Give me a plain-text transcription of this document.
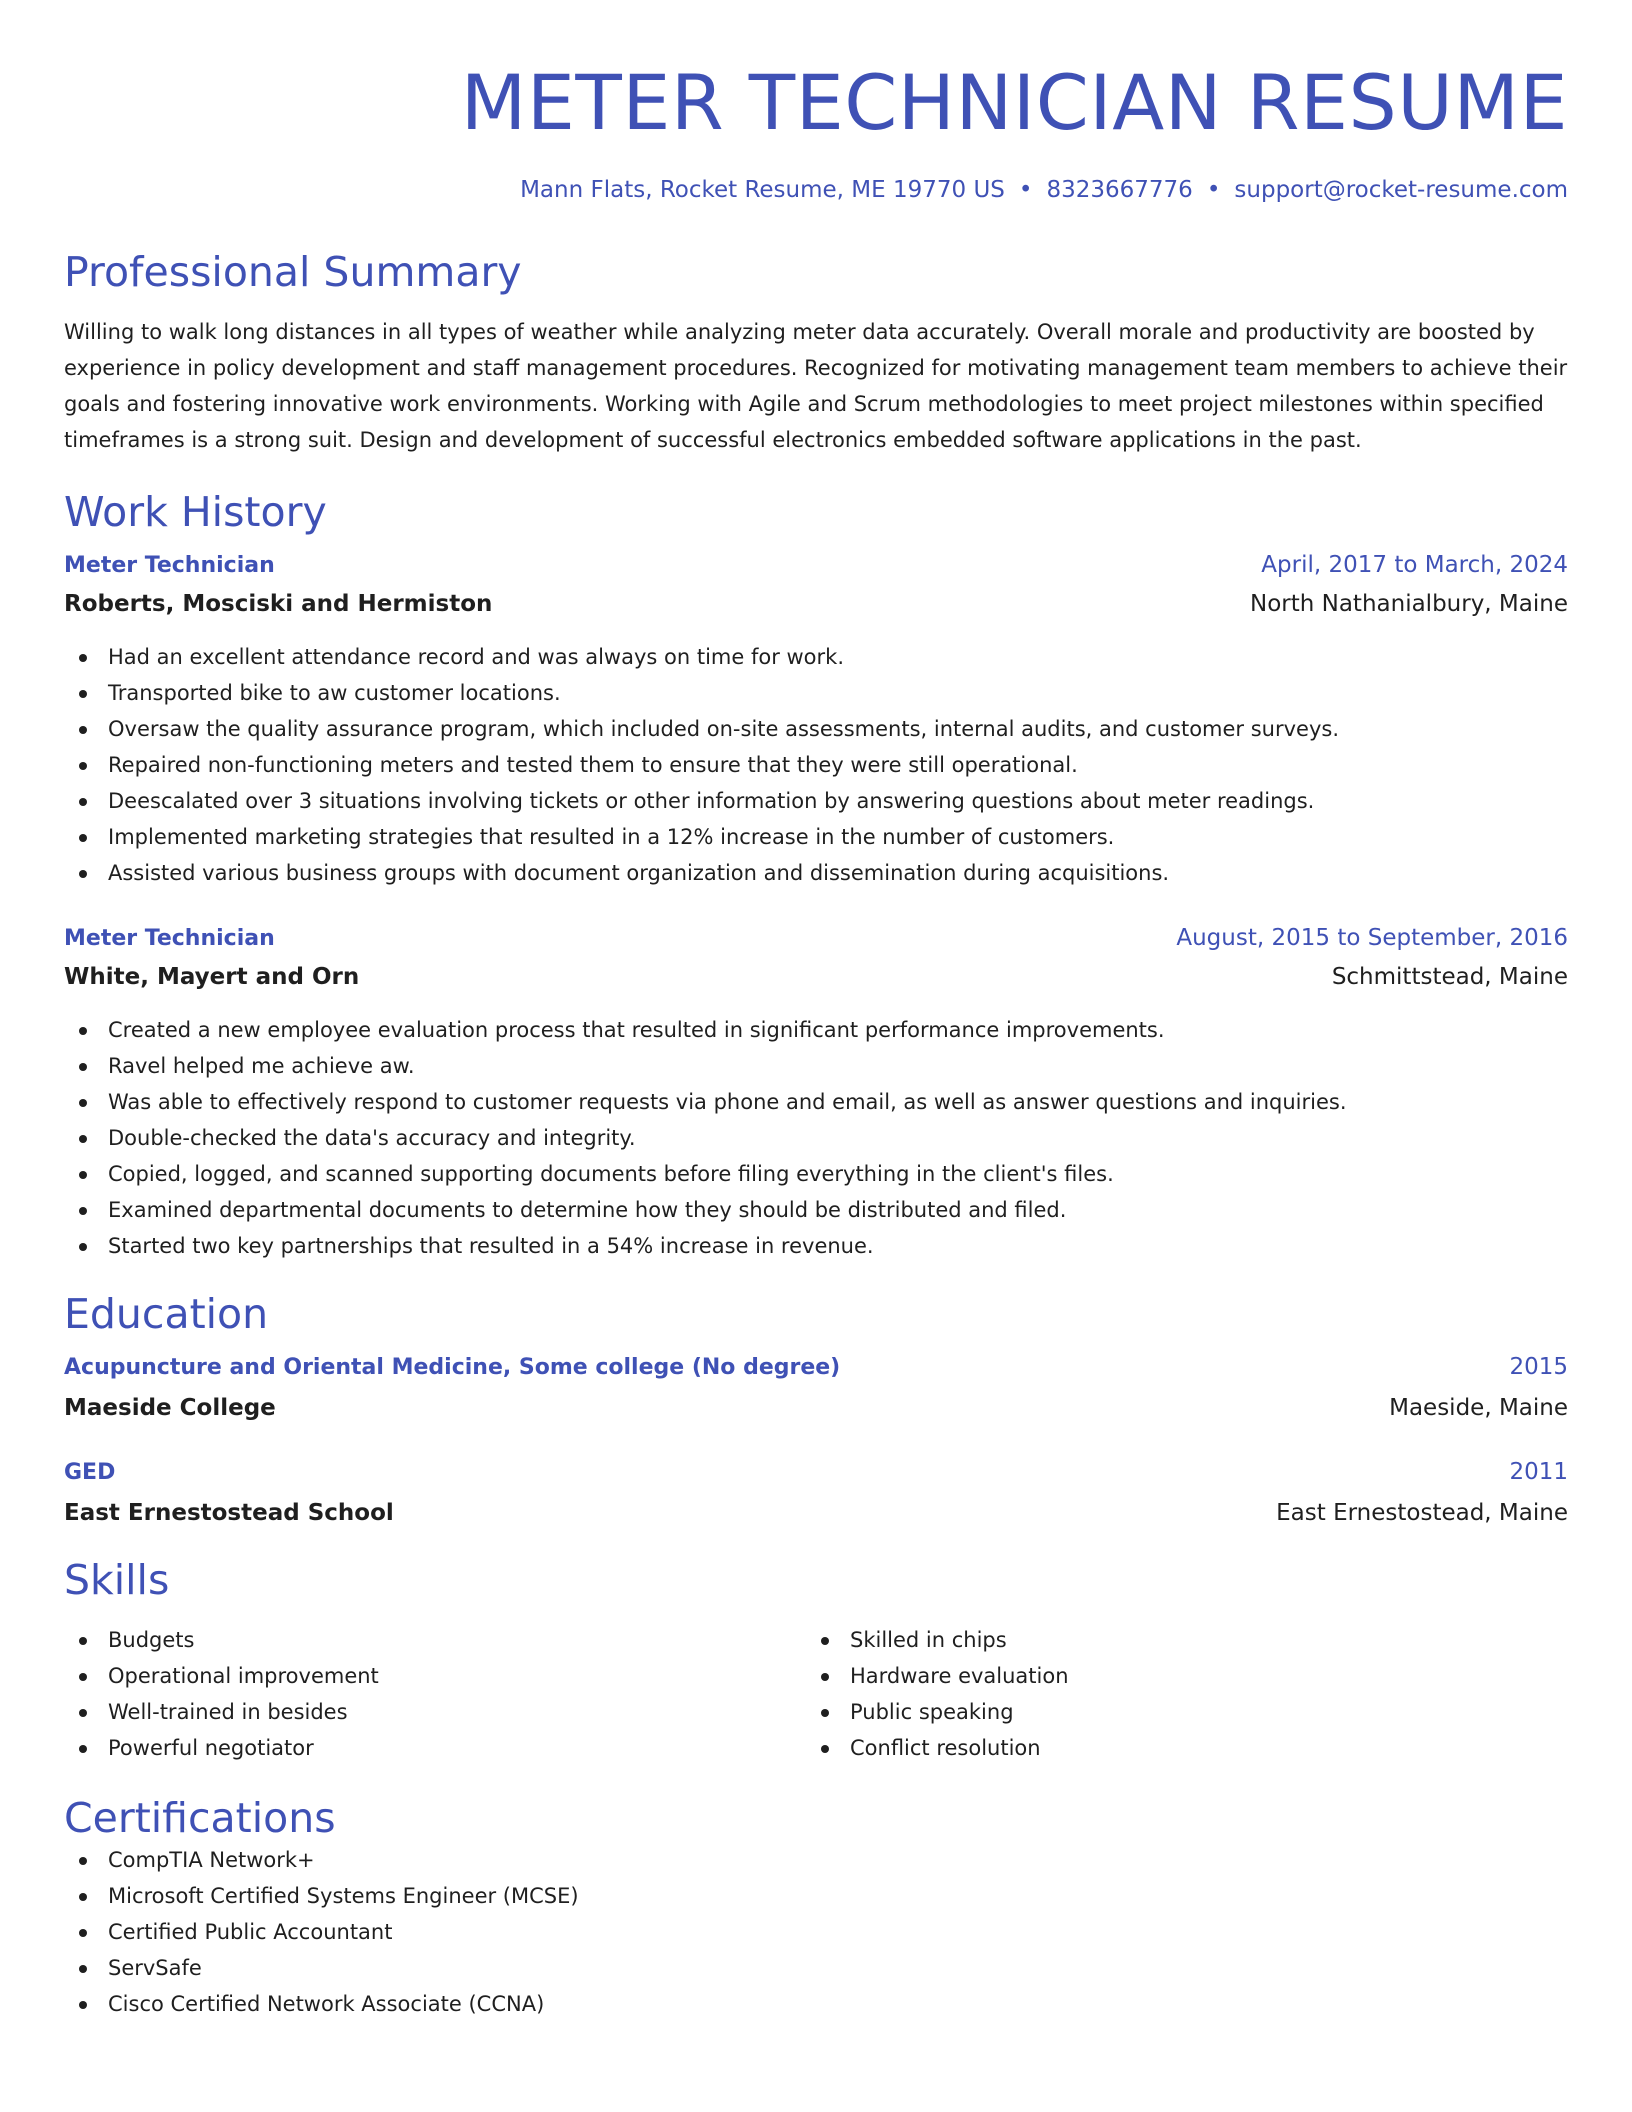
METER TECHNICIAN RESUME
Mann Flats, Rocket Resume, ME 19770 US • 8323667776 • support@rocket-resume.com
Professional Summary
Willing to walk long distances in all types of weather while analyzing meter data accurately. Overall morale and productivity are boosted by experience in policy development and staff management procedures. Recognized for motivating management team members to achieve their goals and fostering innovative work environments. Working with Agile and Scrum methodologies to meet project milestones within specified timeframes is a strong suit. Design and development of successful electronics embedded software applications in the past.
Work History
Meter Technician	April, 2017 to March, 2024
Roberts, Mosciski and Hermiston	North Nathanialbury, Maine
Had an excellent attendance record and was always on time for work.
Transported bike to aw customer locations.
Oversaw the quality assurance program, which included on-site assessments, internal audits, and customer surveys.
Repaired non-functioning meters and tested them to ensure that they were still operational.
Deescalated over 3 situations involving tickets or other information by answering questions about meter readings.
Implemented marketing strategies that resulted in a 12% increase in the number of customers.
Assisted various business groups with document organization and dissemination during acquisitions.
Meter Technician	August, 2015 to September, 2016
White, Mayert and Orn	Schmittstead, Maine
Created a new employee evaluation process that resulted in significant performance improvements.
Ravel helped me achieve aw.
Was able to effectively respond to customer requests via phone and email, as well as answer questions and inquiries.
Double-checked the data's accuracy and integrity.
Copied, logged, and scanned supporting documents before filing everything in the client's files.
Examined departmental documents to determine how they should be distributed and filed.
Started two key partnerships that resulted in a 54% increase in revenue.
Education
Acupuncture and Oriental Medicine, Some college (No degree)	2015
Maeside College	Maeside, Maine
GED	2011
East Ernestostead School	East Ernestostead, Maine
Skills
Budgets
Operational improvement
Well-trained in besides
Powerful negotiator
Skilled in chips
Hardware evaluation
Public speaking
Conflict resolution
Certifications
CompTIA Network+
Microsoft Certified Systems Engineer (MCSE)
Certified Public Accountant
ServSafe
Cisco Certified Network Associate (CCNA)
